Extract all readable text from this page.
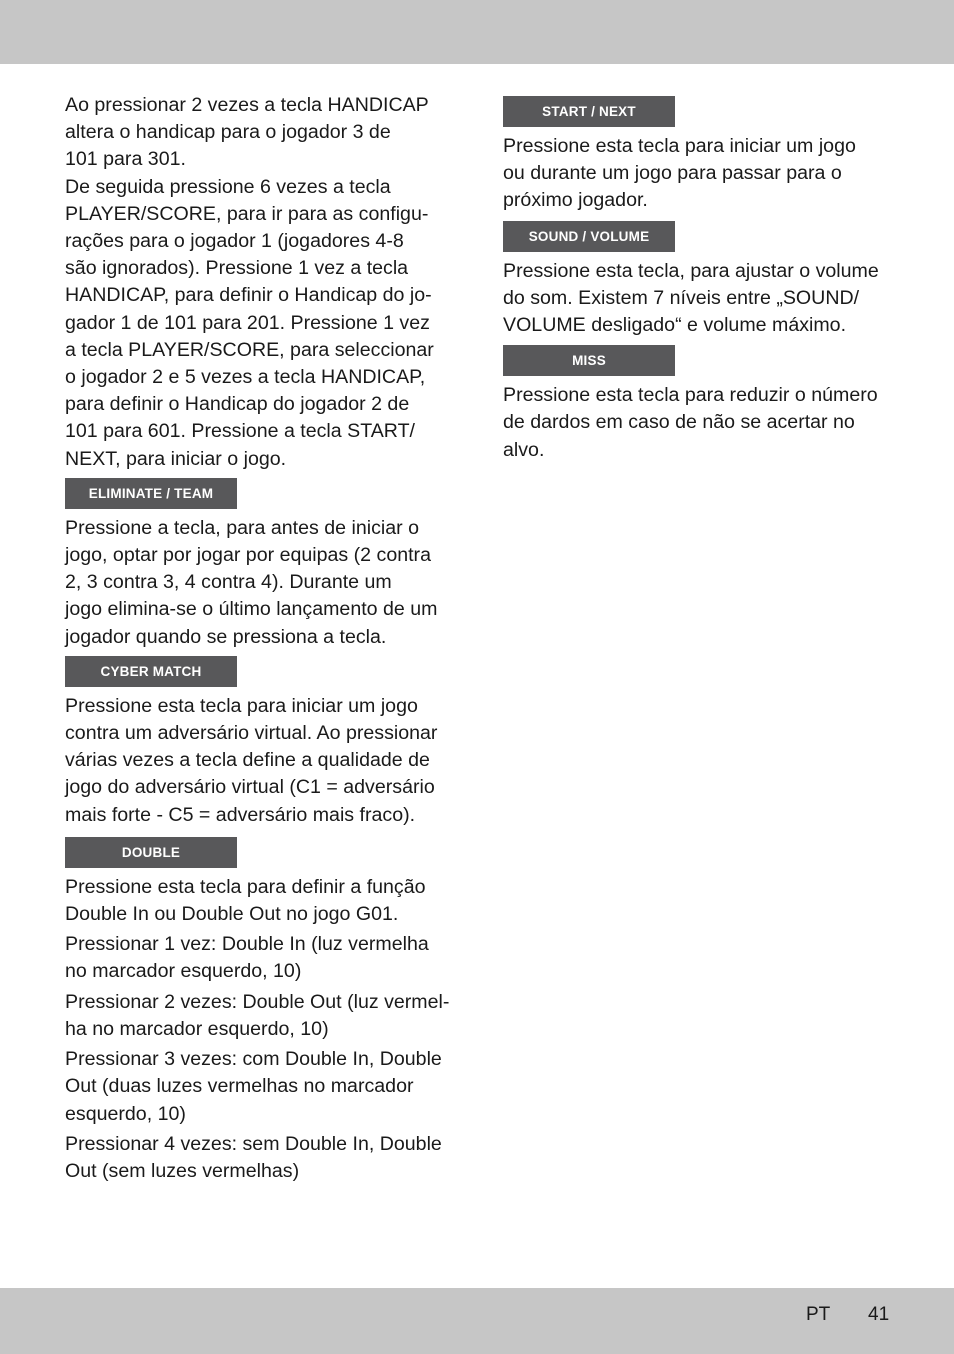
Ao pressionar 2 vezes a tecla HANDICAP
altera o handicap para o jogador 3 de
101 para 301.
De seguida pressione 6 vezes a tecla
PLAYER/SCORE, para ir para as configu-
rações para o jogador 1 (jogadores 4-8
são ignorados). Pressione 1 vez a tecla
HANDICAP, para definir o Handicap do jo-
gador 1 de 101 para 201. Pressione 1 vez
a tecla PLAYER/SCORE, para seleccionar
o jogador 2 e 5 vezes a tecla HANDICAP,
para definir o Handicap do jogador 2 de
101 para 601. Pressione a tecla START/
NEXT, para iniciar o jogo.

ELIMINATE / TEAM

Pressione a tecla, para antes de iniciar o
jogo, optar por jogar por equipas (2 contra
2, 3 contra 3, 4 contra 4). Durante um
jogo elimina-se o último lançamento de um
jogador quando se pressiona a tecla.

CYBER MATCH

Pressione esta tecla para iniciar um jogo
contra um adversário virtual. Ao pressionar
várias vezes a tecla define a qualidade de
jogo do adversário virtual (C1 = adversário
mais forte - C5 = adversário mais fraco).

DOUBLE

Pressione esta tecla para definir a função
Double In ou Double Out no jogo G01.

Pressionar 1 vez: Double In (luz vermelha
no marcador esquerdo, 10)

Pressionar 2 vezes: Double Out (luz vermel-
ha no marcador esquerdo, 10)

Pressionar 3 vezes: com Double In, Double
Out (duas luzes vermelhas no marcador
esquerdo, 10)

Pressionar 4 vezes: sem Double In, Double
Out (sem luzes vermelhas)

START / NEXT

Pressione esta tecla para iniciar um jogo
ou durante um jogo para passar para o
próximo jogador.

SOUND / VOLUME

Pressione esta tecla, para ajustar o volume
do som. Existem 7 níveis entre „SOUND/
VOLUME desligado“ e volume máximo.

MISS

Pressione esta tecla para reduzir o número
de dardos em caso de não se acertar no
alvo.

PT 41
